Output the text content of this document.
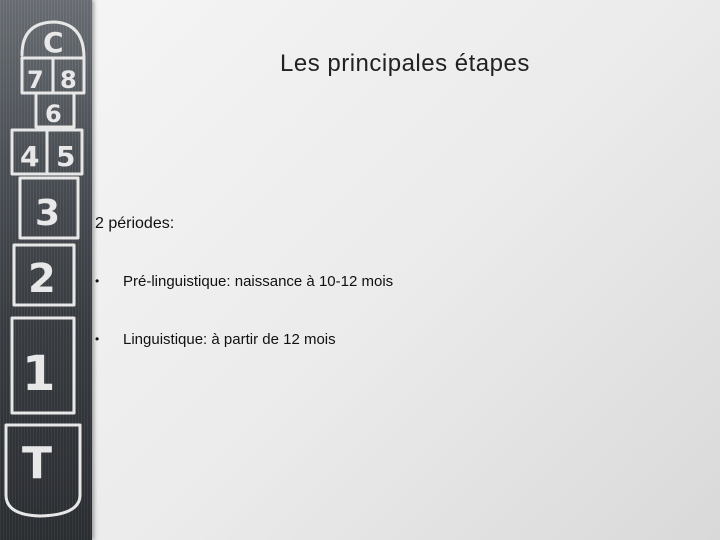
C
7 8
6
4 5
3
2
1
T
Les principales étapes
2 périodes:
•	Pré-linguistique: naissance à 10-12 mois
•	Linguistique: à partir de 12 mois
